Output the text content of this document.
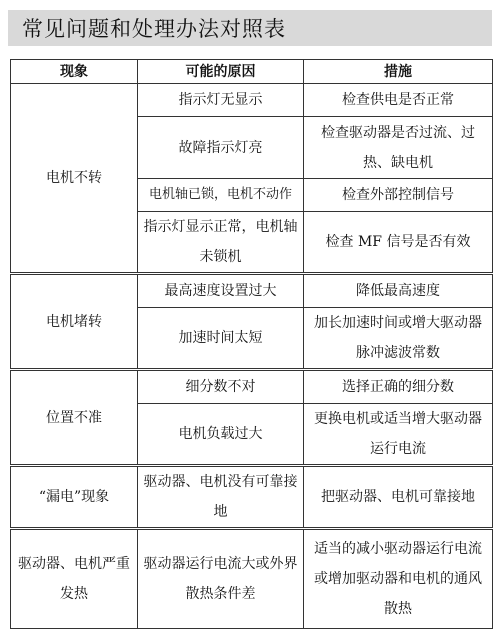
常见问题和处理办法对照表
现象	可能的原因	措施
电机不转	指示灯无显示	检查供电是否正常
	故障指示灯亮	检查驱动器是否过流、过热、缺电机
	电机轴已锁，电机不动作	检查外部控制信号
	指示灯显示正常，电机轴未锁机	检查 MF 信号是否有效
电机堵转	最高速度设置过大	降低最高速度
	加速时间太短	加长加速时间或增大驱动器脉冲滤波常数
位置不准	细分数不对	选择正确的细分数
	电机负载过大	更换电机或适当增大驱动器运行电流
“漏电”现象	驱动器、电机没有可靠接地	把驱动器、电机可靠接地
驱动器、电机严重发热	驱动器运行电流大或外界散热条件差	适当的减小驱动器运行电流或增加驱动器和电机的通风散热
